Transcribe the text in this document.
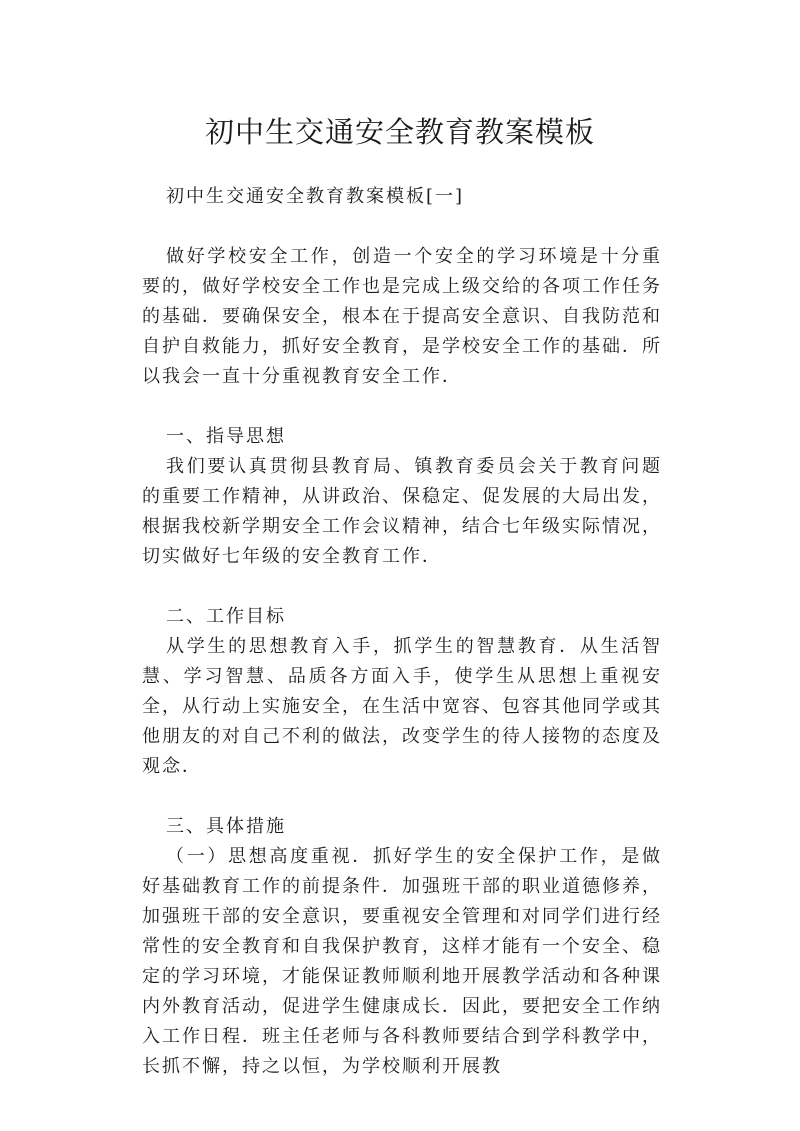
初中生交通安全教育教案模板

初中生交通安全教育教案模板[一]

做好学校安全工作，创造一个安全的学习环境是十分重要的，做好学校安全工作也是完成上级交给的各项工作任务的基础．要确保安全，根本在于提高安全意识、自我防范和自护自救能力，抓好安全教育，是学校安全工作的基础．所以我会一直十分重视教育安全工作．

一、指导思想

我们要认真贯彻县教育局、镇教育委员会关于教育问题的重要工作精神，从讲政治、保稳定、促发展的大局出发，根据我校新学期安全工作会议精神，结合七年级实际情况，切实做好七年级的安全教育工作．

二、工作目标

从学生的思想教育入手，抓学生的智慧教育．从生活智慧、学习智慧、品质各方面入手，使学生从思想上重视安全，从行动上实施安全，在生活中宽容、包容其他同学或其他朋友的对自己不利的做法，改变学生的待人接物的态度及观念．

三、具体措施

（一）思想高度重视．抓好学生的安全保护工作，是做好基础教育工作的前提条件．加强班干部的职业道德修养，加强班干部的安全意识，要重视安全管理和对同学们进行经常性的安全教育和自我保护教育，这样才能有一个安全、稳定的学习环境，才能保证教师顺利地开展教学活动和各种课内外教育活动，促进学生健康成长．因此，要把安全工作纳入工作日程．班主任老师与各科教师要结合到学科教学中，长抓不懈，持之以恒，为学校顺利开展教
